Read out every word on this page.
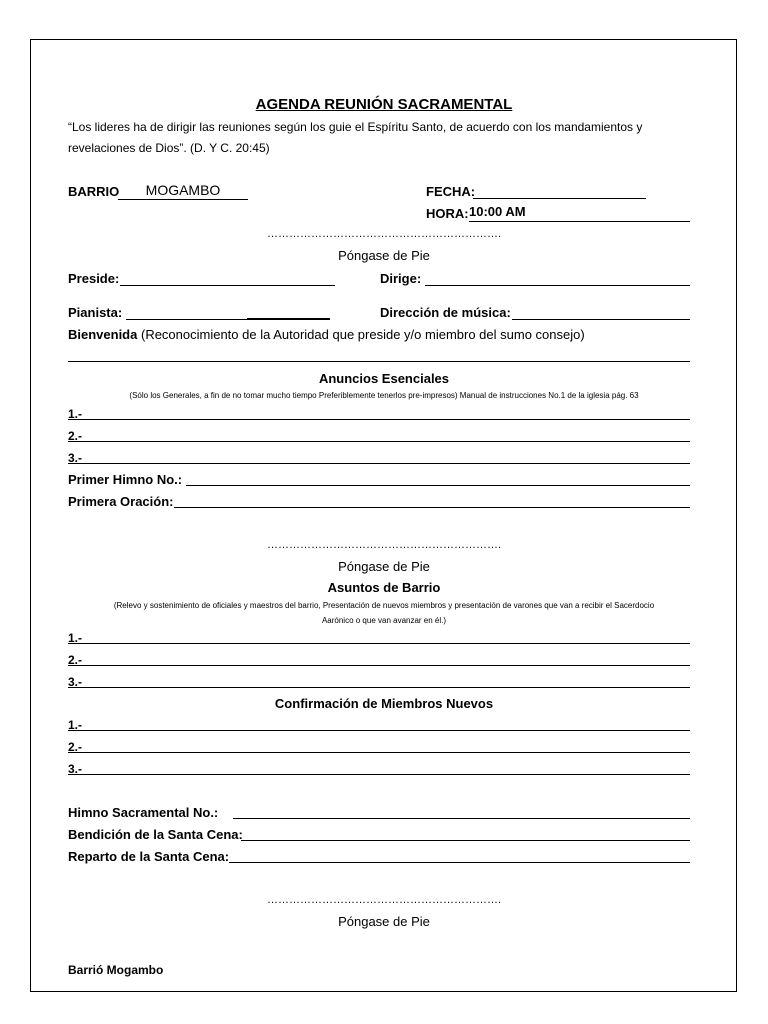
AGENDA REUNIÓN SACRAMENTAL
“Los lideres ha de dirigir las reuniones según los guie el Espíritu Santo, de acuerdo con los mandamientos y
revelaciones de Dios”. (D. Y C. 20:45)
BARRIO	MOGAMBO	FECHA:
HORA: 10:00 AM
……………………………………………………….
Póngase de Pie
Preside:	Dirige:
Pianista:	Dirección de música:
Bienvenida (Reconocimiento de la Autoridad que preside y/o miembro del sumo consejo)
Anuncios Esenciales
(Sólo los Generales, a fin de no tomar mucho tiempo Preferiblemente tenerlos pre-impresos) Manual de instrucciones No.1 de la iglesia pág. 63
1.-
2.-
3.-
Primer Himno No.:
Primera Oración:
……………………………………………………….
Póngase de Pie
Asuntos de Barrio
(Relevo y sostenimiento de oficiales y maestros del barrio, Presentación de nuevos miembros y presentación de varones que van a recibir el Sacerdocio
Aarónico o que van avanzar en él.)
1.-
2.-
3.-
Confirmación de Miembros Nuevos
1.-
2.-
3.-
Himno Sacramental No.:
Bendición de la Santa Cena:
Reparto de la Santa Cena:
……………………………………………………….
Póngase de Pie
Barrió Mogambo
